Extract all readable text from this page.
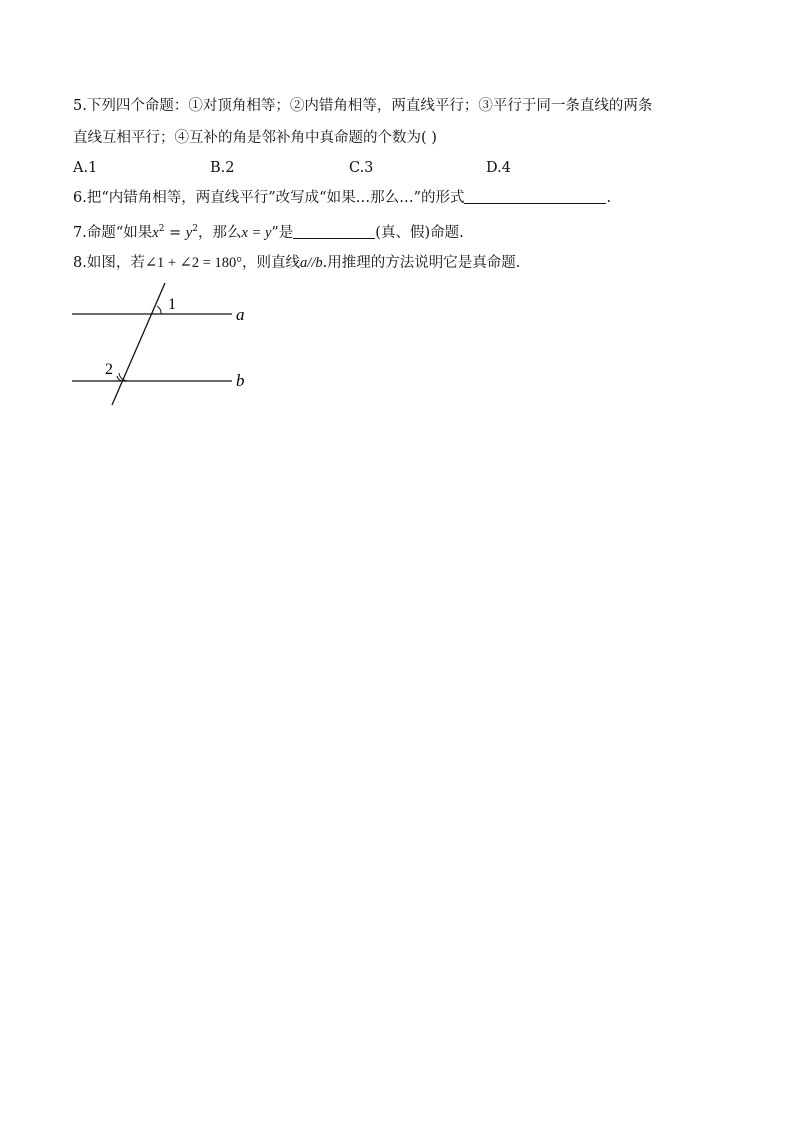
5.下列四个命题：①对顶角相等；②内错角相等，两直线平行；③平行于同一条直线的两条
直线互相平行；④互补的角是邻补角中真命题的个数为( )
A.1	B.2	C.3	D.4
6.把“内错角相等，两直线平行”改写成“如果…那么…”的形式	.
7.命题“如果$x^2 = y^2$，那么x = y”是	(真、假)命题.
8.如图，若∠1 + ∠2 = 180°，则直线a//b.用推理的方法说明它是真命题.
1
2
a
b
